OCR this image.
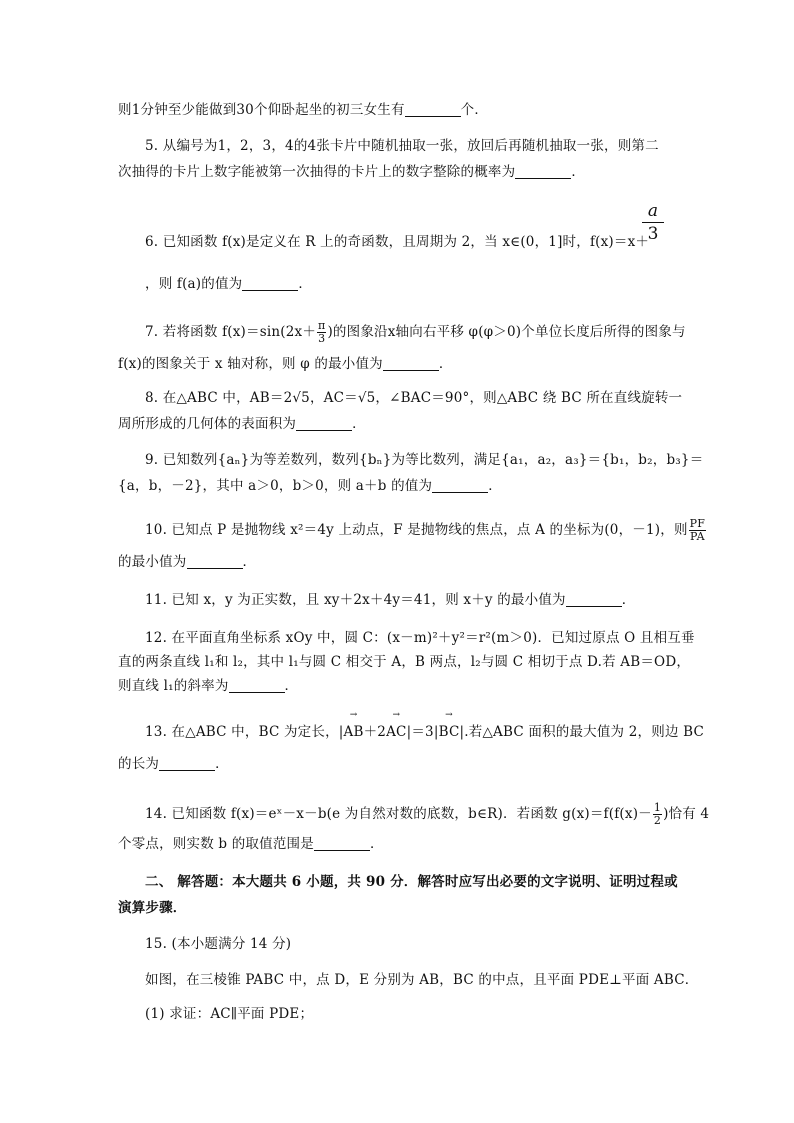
则1分钟至少能做到30个仰卧起坐的初三女生有	个．
5. 从编号为1，2，3，4的4张卡片中随机抽取一张，放回后再随机抽取一张，则第二
次抽得的卡片上数字能被第一次抽得的卡片上的数字整除的概率为	．
6. 已知函数 f(x)是定义在 R 上的奇函数，且周期为 2，当 x∈(0，1]时，f(x)＝x＋
$\frac{a}{3}$
，则 f(a)的值为	．
7. 若将函数 $f(x)=\sin(2x+ \frac{\pi}{3}$ )的图象沿x轴向右平移 φ(φ＞0)个单位长度后所得的图象与
f(x)的图象关于 x 轴对称，则 φ 的最小值为	．
8. 在△ABC 中，AB＝2√5，AC＝√5，∠BAC＝90°，则△ABC 绕 BC 所在直线旋转一
周所形成的几何体的表面积为	．
9. 已知数列{aₙ}为等差数列，数列{bₙ}为等比数列，满足{a₁，a₂，a₃}＝{b₁，b₂，b₃}＝
{a，b，－2}，其中 a＞0，b＞0，则 a＋b 的值为	．
10. 已知点 P 是抛物线 x²＝4y 上动点，F 是抛物线的焦点，点 A 的坐标为(0，－1)，则 $\frac{PF}{PA}$
的最小值为	．
11. 已知 x，y 为正实数，且 xy＋2x＋4y＝41，则 x＋y 的最小值为	．
12. 在平面直角坐标系 xOy 中，圆 C：(x－m)²＋y²＝r²(m＞0)．已知过原点 O 且相互垂
直的两条直线 l₁和 l₂，其中 l₁与圆 C 相交于 A，B 两点，l₂与圆 C 相切于点 D.若 AB＝OD，
则直线 l₁的斜率为	．
13. 在△ABC 中，BC 为定长，|→ AB＋2→ AC|＝3|→ BC|.若△ABC 面积的最大值为 2，则边 BC
的长为	．
14. 已知函数 f(x)＝eˣ－x－b(e 为自然对数的底数，b∈R)．若函数 $g(x)=f(f(x)- \frac{1}{2}$ )恰有 4
个零点，则实数 b 的取值范围是	．
二、 解答题：本大题共 6 小题，共 90 分．解答时应写出必要的文字说明、证明过程或
演算步骤．
15. (本小题满分 14 分)
如图，在三棱锥 PABC 中，点 D，E 分别为 AB，BC 的中点，且平面 PDE⊥平面 ABC．
(1) 求证：AC∥平面 PDE；
